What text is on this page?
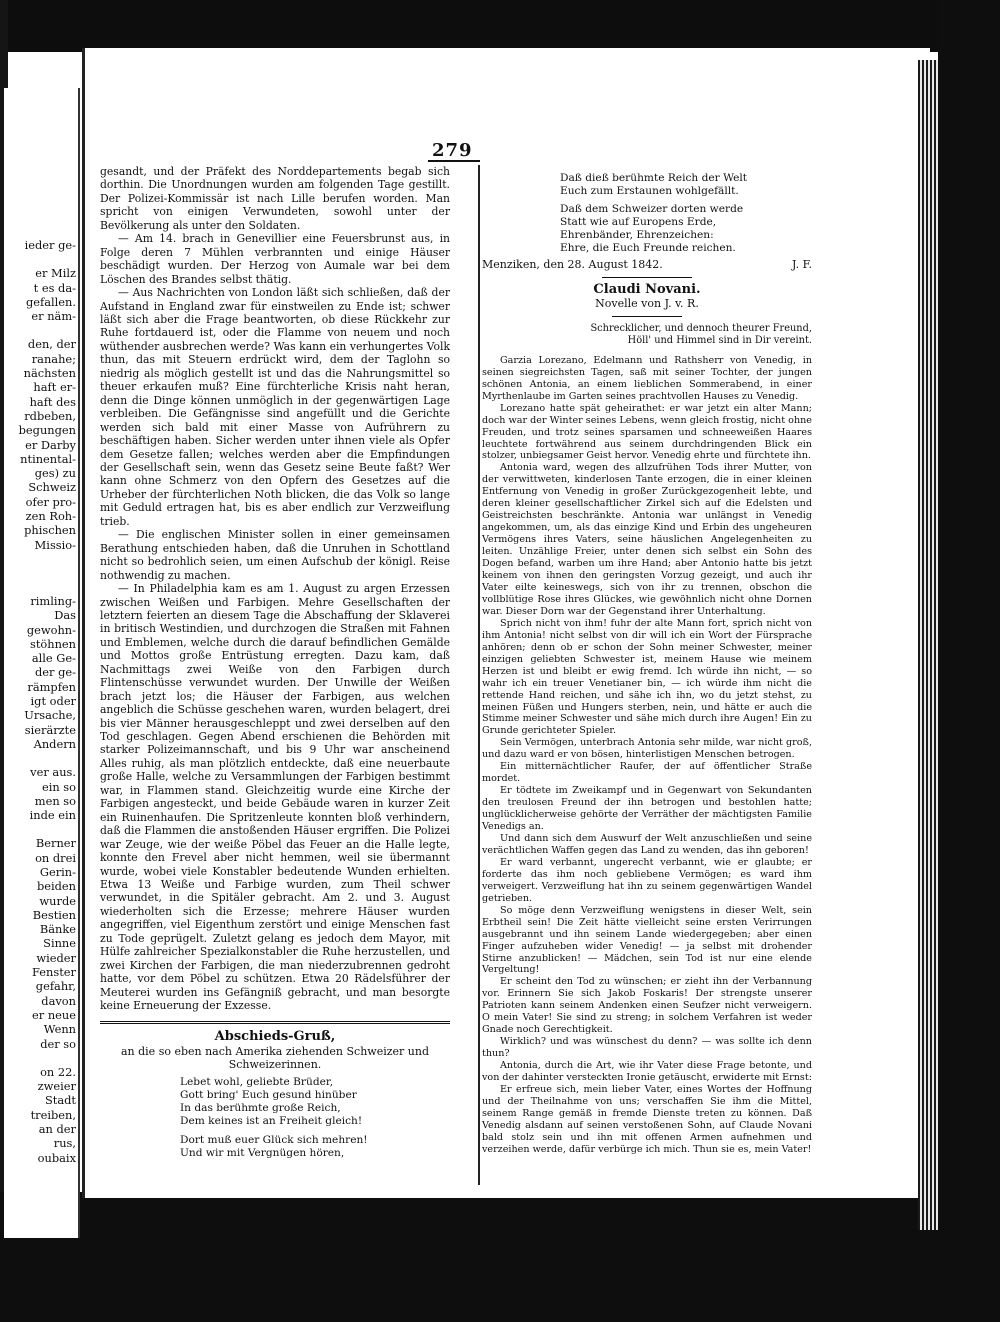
ieder ge-
er Milz
t es da-
gefallen.
er näm-
den, der
ranahe;
nächsten
haft er-
haft des
rdbeben,
begungen
er Darby
ntinental-
ges) zu
Schweiz
ofer pro-
zen Roh-
phischen
Missio-
rimling-
Das
gewohn-
stöhnen
alle Ge-
der ge-
rämpfen
igt oder
Ursache,
sierärzte
Andern
ver aus.
ein so
men so
inde ein
Berner
on drei
Gerin-
beiden
wurde
Bestien
Bänke
Sinne
wieder
Fenster
gefahr,
davon
er neue
Wenn
der so
on 22.
zweier
Stadt
treiben,
an der
rus,
oubaix
279

gesandt, und der Präfekt des Norddepartements begab sich dorthin. Die Unordnungen wurden am folgenden Tage gestillt. Der Polizei-Kommissär ist nach Lille berufen worden. Man spricht von einigen Verwundeten, sowohl unter der Bevölkerung als unter den Soldaten.

— Am 14. brach in Genevillier eine Feuersbrunst aus, in Folge deren 7 Mühlen verbrannten und einige Häuser beschädigt wurden. Der Herzog von Aumale war bei dem Löschen des Brandes selbst thätig.

— Aus Nachrichten von London läßt sich schließen, daß der Aufstand in England zwar für einstweilen zu Ende ist; schwer läßt sich aber die Frage beantworten, ob diese Rückkehr zur Ruhe fortdauerd ist, oder die Flamme von neuem und noch wüthender ausbrechen werde? Was kann ein verhungertes Volk thun, das mit Steuern erdrückt wird, dem der Taglohn so niedrig als möglich gestellt ist und das die Nahrungsmittel so theuer erkaufen muß? Eine fürchterliche Krisis naht heran, denn die Dinge können unmöglich in der gegenwärtigen Lage verbleiben. Die Gefängnisse sind angefüllt und die Gerichte werden sich bald mit einer Masse von Aufrührern zu beschäftigen haben. Sicher werden unter ihnen viele als Opfer dem Gesetze fallen; welches werden aber die Empfindungen der Gesellschaft sein, wenn das Gesetz seine Beute faßt? Wer kann ohne Schmerz von den Opfern des Gesetzes auf die Urheber der fürchterlichen Noth blicken, die das Volk so lange mit Geduld ertragen hat, bis es aber endlich zur Verzweiflung trieb.

— Die englischen Minister sollen in einer gemeinsamen Berathung entschieden haben, daß die Unruhen in Schottland nicht so bedrohlich seien, um einen Aufschub der königl. Reise nothwendig zu machen.

— In Philadelphia kam es am 1. August zu argen Erzessen zwischen Weißen und Farbigen. Mehre Gesellschaften der letztern feierten an diesem Tage die Abschaffung der Sklaverei in britisch Westindien, und durchzogen die Straßen mit Fahnen und Emblemen, welche durch die darauf befindlichen Gemälde und Mottos große Entrüstung erregten. Dazu kam, daß Nachmittags zwei Weiße von den Farbigen durch Flintenschüsse verwundet wurden. Der Unwille der Weißen brach jetzt los; die Häuser der Farbigen, aus welchen angeblich die Schüsse geschehen waren, wurden belagert, drei bis vier Männer herausgeschleppt und zwei derselben auf den Tod geschlagen. Gegen Abend erschienen die Behörden mit starker Polizeimannschaft, und bis 9 Uhr war anscheinend Alles ruhig, als man plötzlich entdeckte, daß eine neuerbaute große Halle, welche zu Versammlungen der Farbigen bestimmt war, in Flammen stand. Gleichzeitig wurde eine Kirche der Farbigen angesteckt, und beide Gebäude waren in kurzer Zeit ein Ruinenhaufen. Die Spritzenleute konnten bloß verhindern, daß die Flammen die anstoßenden Häuser ergriffen. Die Polizei war Zeuge, wie der weiße Pöbel das Feuer an die Halle legte, konnte den Frevel aber nicht hemmen, weil sie übermannt wurde, wobei viele Konstabler bedeutende Wunden erhielten. Etwa 13 Weiße und Farbige wurden, zum Theil schwer verwundet, in die Spitäler gebracht. Am 2. und 3. August wiederholten sich die Erzesse; mehrere Häuser wurden angegriffen, viel Eigenthum zerstört und einige Menschen fast zu Tode geprügelt. Zuletzt gelang es jedoch dem Mayor, mit Hülfe zahlreicher Spezialkonstabler die Ruhe herzustellen, und zwei Kirchen der Farbigen, die man niederzubrennen gedroht hatte, vor dem Pöbel zu schützen. Etwa 20 Rädelsführer der Meuterei wurden ins Gefängniß gebracht, und man besorgte keine Erneuerung der Exzesse.

Abschieds-Gruß,
an die so eben nach Amerika ziehenden Schweizer und Schweizerinnen.

Lebet wohl, geliebte Brüder,

Gott bring' Euch gesund hinüber

In das berühmte große Reich,

Dem keines ist an Freiheit gleich!

Dort muß euer Glück sich mehren!

Und wir mit Vergnügen hören,

Daß dieß berühmte Reich der Welt

Euch zum Erstaunen wohlgefällt.

Daß dem Schweizer dorten werde

Statt wie auf Europens Erde,

Ehrenbänder, Ehrenzeichen:

Ehre, die Euch Freunde reichen.

Menziken, den 28. August 1842.	J. F.
Claudi Novani.
Novelle von J. v. R.
Schrecklicher, und dennoch theurer Freund,
Höll' und Himmel sind in Dir vereint.

Garzia Lorezano, Edelmann und Rathsherr von Venedig, in seinen siegreichsten Tagen, saß mit seiner Tochter, der jungen schönen Antonia, an einem lieblichen Sommerabend, in einer Myrthenlaube im Garten seines prachtvollen Hauses zu Venedig.

Lorezano hatte spät geheirathet: er war jetzt ein alter Mann; doch war der Winter seines Lebens, wenn gleich frostig, nicht ohne Freuden, und trotz seines sparsamen und schneeweißen Haares leuchtete fortwährend aus seinem durchdringenden Blick ein stolzer, unbiegsamer Geist hervor. Venedig ehrte und fürchtete ihn.

Antonia ward, wegen des allzufrühen Tods ihrer Mutter, von der verwittweten, kinderlosen Tante erzogen, die in einer kleinen Entfernung von Venedig in großer Zurückgezogenheit lebte, und deren kleiner gesellschaftlicher Zirkel sich auf die Edelsten und Geistreichsten beschränkte. Antonia war unlängst in Venedig angekommen, um, als das einzige Kind und Erbin des ungeheuren Vermögens ihres Vaters, seine häuslichen Angelegenheiten zu leiten. Unzählige Freier, unter denen sich selbst ein Sohn des Dogen befand, warben um ihre Hand; aber Antonio hatte bis jetzt keinem von ihnen den geringsten Vorzug gezeigt, und auch ihr Vater eilte keineswegs, sich von ihr zu trennen, obschon die vollblütige Rose ihres Glückes, wie gewöhnlich nicht ohne Dornen war. Dieser Dorn war der Gegenstand ihrer Unterhaltung.

Sprich nicht von ihm! fuhr der alte Mann fort, sprich nicht von ihm Antonia! nicht selbst von dir will ich ein Wort der Fürsprache anhören; denn ob er schon der Sohn meiner Schwester, meiner einzigen geliebten Schwester ist, meinem Hause wie meinem Herzen ist und bleibt er ewig fremd. Ich würde ihn nicht, — so wahr ich ein treuer Venetianer bin, — ich würde ihm nicht die rettende Hand reichen, und sähe ich ihn, wo du jetzt stehst, zu meinen Füßen und Hungers sterben, nein, und hätte er auch die Stimme meiner Schwester und sähe mich durch ihre Augen! Ein zu Grunde gerichteter Spieler.

Sein Vermögen, unterbrach Antonia sehr milde, war nicht groß, und dazu ward er von bösen, hinterlistigen Menschen betrogen.

Ein mitternächtlicher Raufer, der auf öffentlicher Straße mordet.

Er tödtete im Zweikampf und in Gegenwart von Sekundanten den treulosen Freund der ihn betrogen und bestohlen hatte; unglücklicherweise gehörte der Verräther der mächtigsten Familie Venedigs an.

Und dann sich dem Auswurf der Welt anzuschließen und seine verächtlichen Waffen gegen das Land zu wenden, das ihn geboren!

Er ward verbannt, ungerecht verbannt, wie er glaubte; er forderte das ihm noch gebliebene Vermögen; es ward ihm verweigert. Verzweiflung hat ihn zu seinem gegenwärtigen Wandel getrieben.

So möge denn Verzweiflung wenigstens in dieser Welt, sein Erbtheil sein! Die Zeit hätte vielleicht seine ersten Verirrungen ausgebrannt und ihn seinem Lande wiedergegeben; aber einen Finger aufzuheben wider Venedig! — ja selbst mit drohender Stirne anzublicken! — Mädchen, sein Tod ist nur eine elende Vergeltung!

Er scheint den Tod zu wünschen; er zieht ihn der Verbannung vor. Erinnern Sie sich Jakob Foskaris! Der strengste unserer Patrioten kann seinem Andenken einen Seufzer nicht verweigern. O mein Vater! Sie sind zu streng; in solchem Verfahren ist weder Gnade noch Gerechtigkeit.

Wirklich? und was wünschest du denn? — was sollte ich denn thun?

Antonia, durch die Art, wie ihr Vater diese Frage betonte, und von der dahinter versteckten Ironie getäuscht, erwiderte mit Ernst:

Er erfreue sich, mein lieber Vater, eines Wortes der Hoffnung und der Theilnahme von uns; verschaffen Sie ihm die Mittel, seinem Range gemäß in fremde Dienste treten zu können. Daß Venedig alsdann auf seinen verstoßenen Sohn, auf Claude Novani bald stolz sein und ihn mit offenen Armen aufnehmen und verzeihen werde, dafür verbürge ich mich. Thun sie es, mein Vater!
